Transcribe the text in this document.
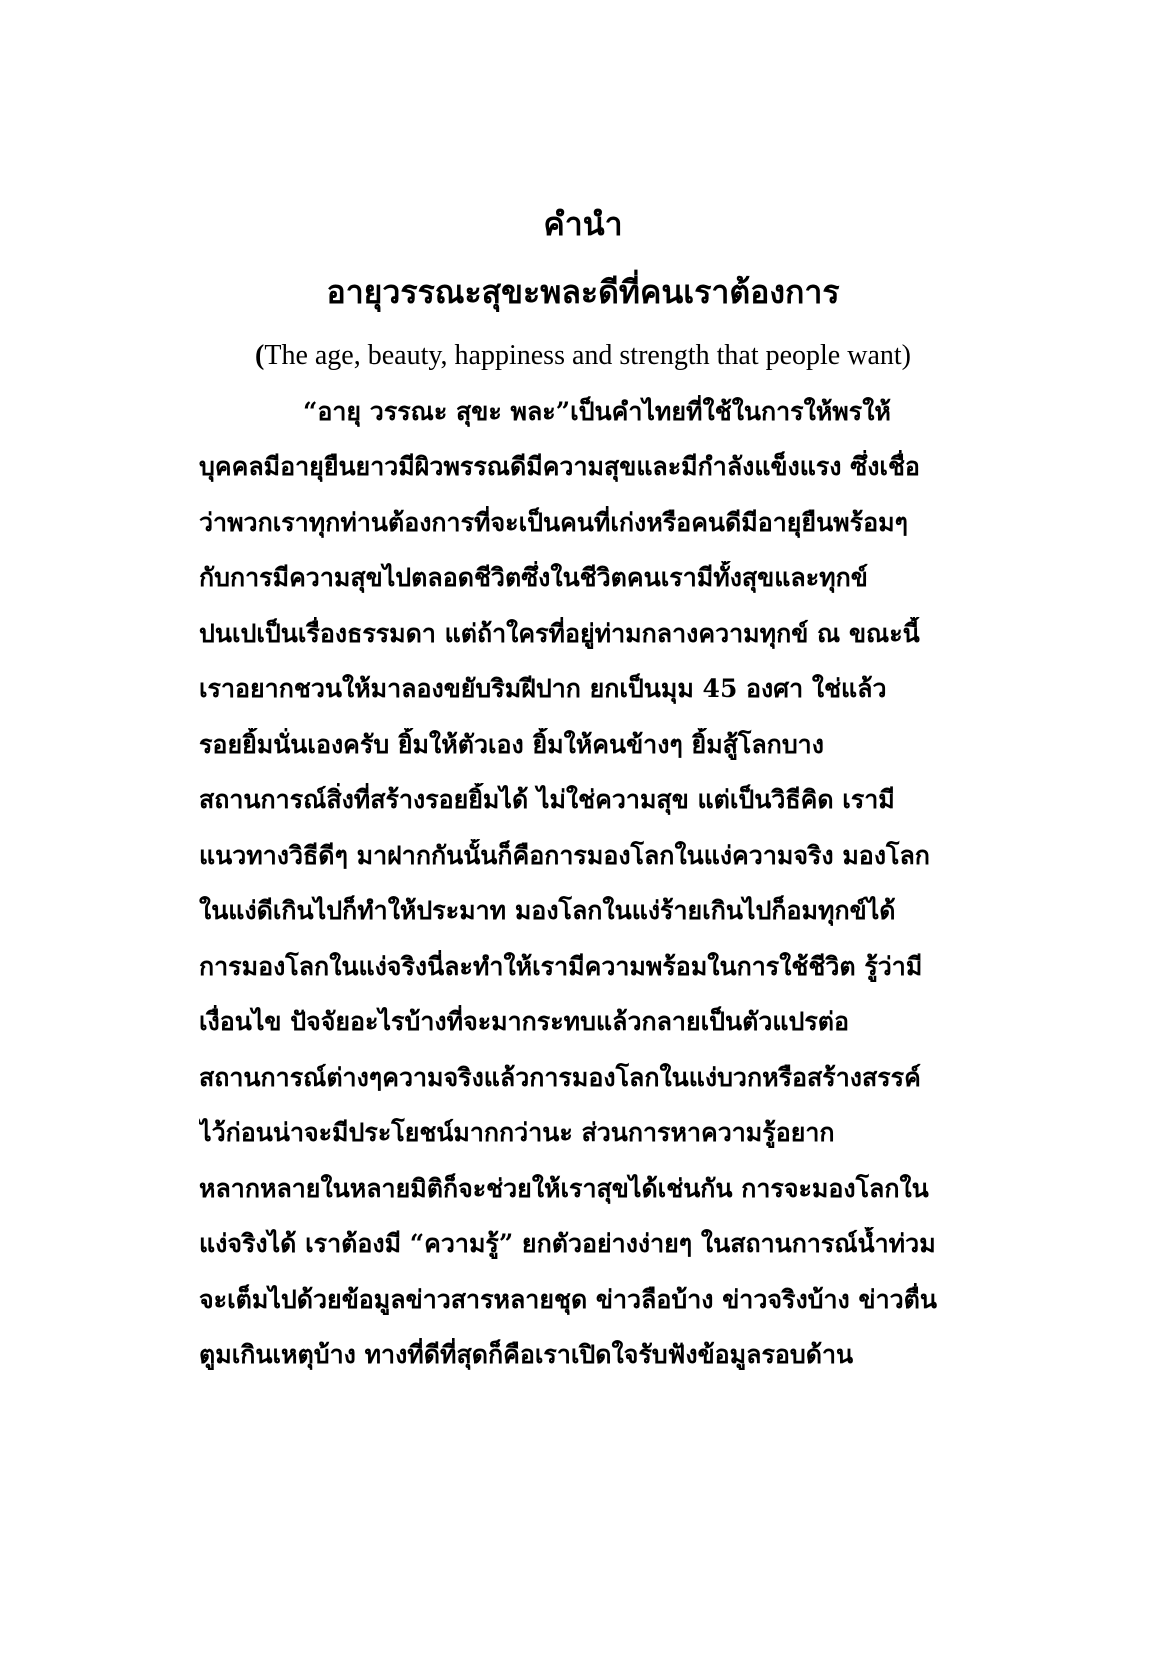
คำนำ
อายุวรรณะสุขะพละดีที่คนเราต้องการ
(The age, beauty, happiness and strength that people want)
“อายุ วรรณะ สุขะ พละ”เป็นคำไทยที่ใช้ในการให้พรให้
บุคคลมีอายุยืนยาวมีผิวพรรณดีมีความสุขและมีกำลังแข็งแรง ซึ่งเชื่อ
ว่าพวกเราทุกท่านต้องการที่จะเป็นคนที่เก่งหรือคนดีมีอายุยืนพร้อมๆ
กับการมีความสุขไปตลอดชีวิตซึ่งในชีวิตคนเรามีทั้งสุขและทุกข์
ปนเปเป็นเรื่องธรรมดา แต่ถ้าใครที่อยู่ท่ามกลางความทุกข์ ณ ขณะนี้
เราอยากชวนให้มาลองขยับริมฝีปาก ยกเป็นมุม 45 องศา ใช่แล้ว
รอยยิ้มนั่นเองครับ ยิ้มให้ตัวเอง ยิ้มให้คนข้างๆ ยิ้มสู้โลกบาง
สถานการณ์สิ่งที่สร้างรอยยิ้มได้ ไม่ใช่ความสุข แต่เป็นวิธีคิด เรามี
แนวทางวิธีดีๆ มาฝากกันนั้นก็คือการมองโลกในแง่ความจริง มองโลก
ในแง่ดีเกินไปก็ทำให้ประมาท มองโลกในแง่ร้ายเกินไปก็อมทุกข์ได้
การมองโลกในแง่จริงนี่ละทำให้เรามีความพร้อมในการใช้ชีวิต รู้ว่ามี
เงื่อนไข ปัจจัยอะไรบ้างที่จะมากระทบแล้วกลายเป็นตัวแปรต่อ
สถานการณ์ต่างๆความจริงแล้วการมองโลกในแง่บวกหรือสร้างสรรค์
ไว้ก่อนน่าจะมีประโยชน์มากกว่านะ ส่วนการหาความรู้อยาก
หลากหลายในหลายมิติก็จะช่วยให้เราสุขได้เช่นกัน การจะมองโลกใน
แง่จริงได้ เราต้องมี “ความรู้” ยกตัวอย่างง่ายๆ ในสถานการณ์น้ำท่วม
จะเต็มไปด้วยข้อมูลข่าวสารหลายชุด ข่าวลือบ้าง ข่าวจริงบ้าง ข่าวตื่น
ตูมเกินเหตุบ้าง ทางที่ดีที่สุดก็คือเราเปิดใจรับฟังข้อมูลรอบด้าน
